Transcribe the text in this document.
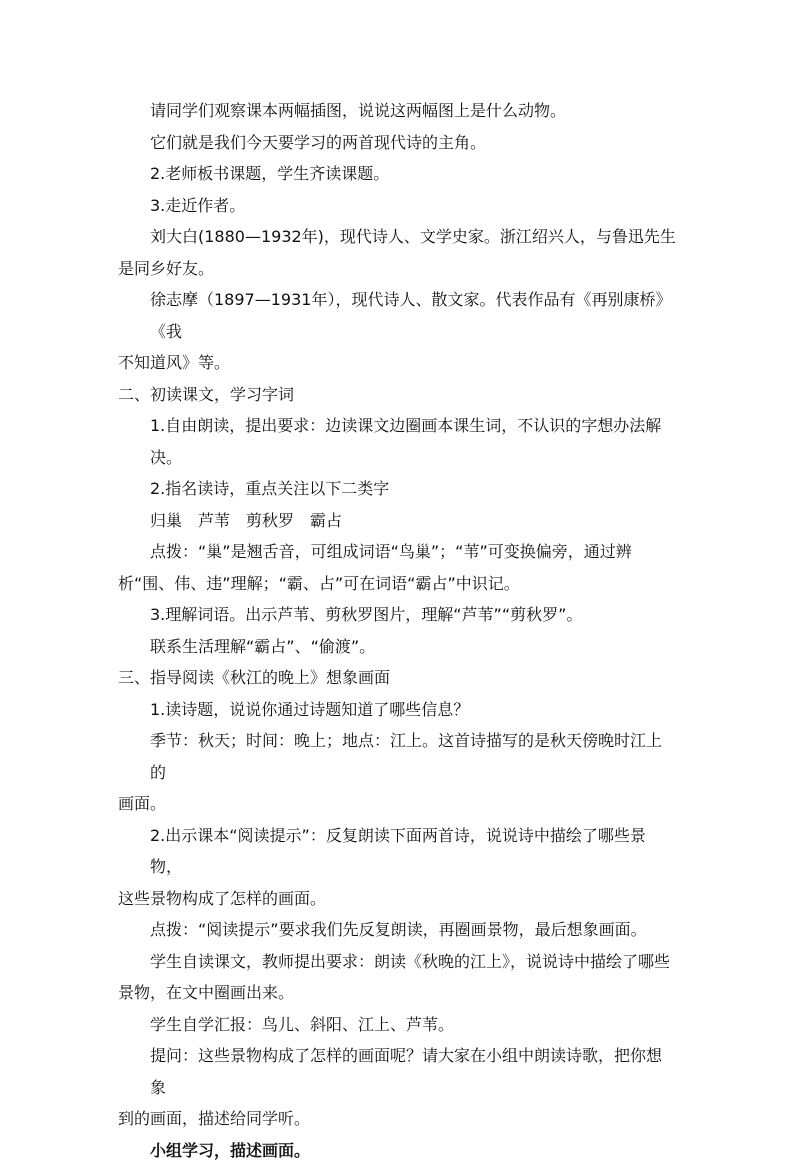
请同学们观察课本两幅插图，说说这两幅图上是什么动物。

它们就是我们今天要学习的两首现代诗的主角。

2.老师板书课题，学生齐读课题。

3.走近作者。

刘大白(1880—1932年)，现代诗人、文学史家。浙江绍兴人，与鲁迅先生

是同乡好友。

徐志摩（1897—1931年），现代诗人、散文家。代表作品有《再别康桥》《我

不知道风》等。

二、初读课文，学习字词

1.自由朗读，提出要求：边读课文边圈画本课生词，不认识的字想办法解决。

2.指名读诗，重点关注以下二类字

归巢　芦苇　剪秋罗　霸占

点拨：“巢”是翘舌音，可组成词语“鸟巢”；“苇”可变换偏旁，通过辨

析“围、伟、违”理解；“霸、占”可在词语“霸占”中识记。

3.理解词语。出示芦苇、剪秋罗图片，理解“芦苇”“剪秋罗”。

联系生活理解“霸占”、“偷渡”。

三、指导阅读《秋江的晚上》想象画面

1.读诗题，说说你通过诗题知道了哪些信息？

季节：秋天；时间：晚上；地点：江上。这首诗描写的是秋天傍晚时江上的

画面。

2.出示课本“阅读提示”：反复朗读下面两首诗，说说诗中描绘了哪些景物，

这些景物构成了怎样的画面。

点拨：“阅读提示”要求我们先反复朗读，再圈画景物，最后想象画面。

学生自读课文，教师提出要求：朗读《秋晚的江上》，说说诗中描绘了哪些

景物，在文中圈画出来。

学生自学汇报：鸟儿、斜阳、江上、芦苇。

提问：这些景物构成了怎样的画面呢？请大家在小组中朗读诗歌，把你想象

到的画面，描述给同学听。

小组学习，描述画面。
